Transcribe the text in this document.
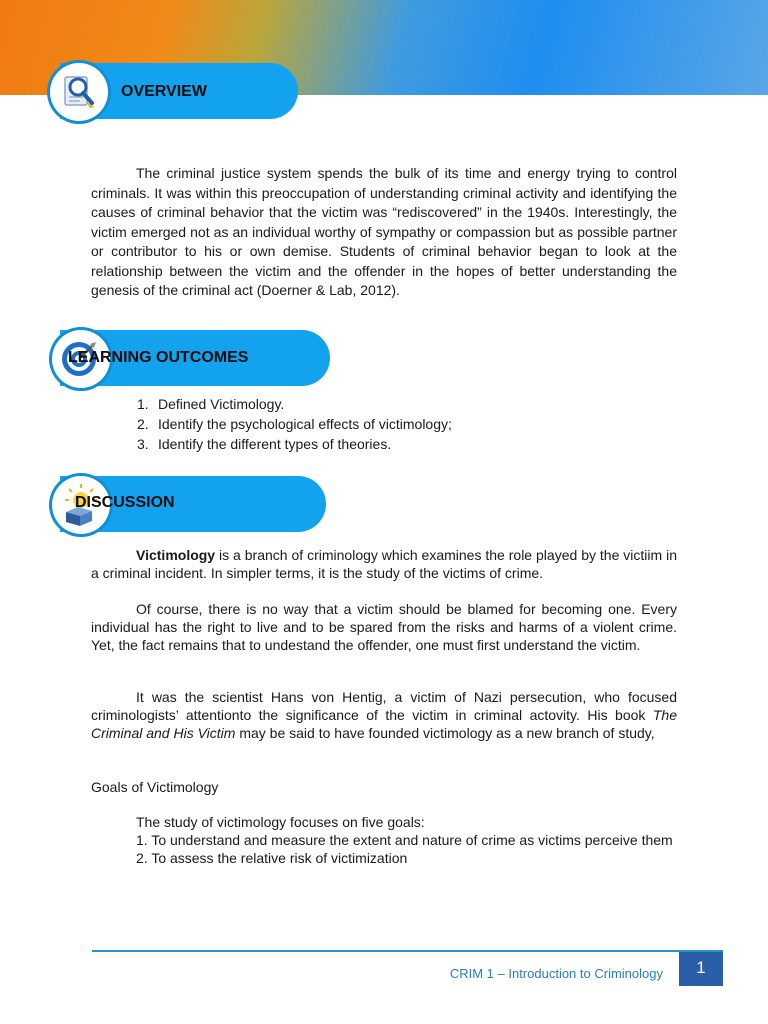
OVERVIEW

The criminal justice system spends the bulk of its time and energy trying to control criminals. It was within this preoccupation of understanding criminal activity and identifying the causes of criminal behavior that the victim was “rediscovered” in the 1940s. Interestingly, the victim emerged not as an individual worthy of sympathy or compassion but as possible partner or contributor to his or own demise. Students of criminal behavior began to look at the relationship between the victim and the offender in the hopes of better understanding the genesis of the criminal act (Doerner & Lab, 2012).

LEARNING OUTCOMES
1. Defined Victimology.
2. Identify the psychological effects of victimology;
3. Identify the different types of theories.
DISCUSSION

Victimology is a branch of criminology which examines the role played by the victiim in a criminal incident. In simpler terms, it is the study of the victims of crime.

Of course, there is no way that a victim should be blamed for becoming one. Every individual has the right to live and to be spared from the risks and harms of a violent crime. Yet, the fact remains that to undestand the offender, one must first understand the victim.

It was the scientist Hans von Hentig, a victim of Nazi persecution, who focused criminologists’ attentionto the significance of the victim in criminal actovity. His book The Criminal and His Victim may be said to have founded victimology as a new branch of study,

Goals of Victimology
The study of victimology focuses on five goals:
1. To understand and measure the extent and nature of crime as victims perceive them
2. To assess the relative risk of victimization
CRIM 1 – Introduction to Criminology	1
